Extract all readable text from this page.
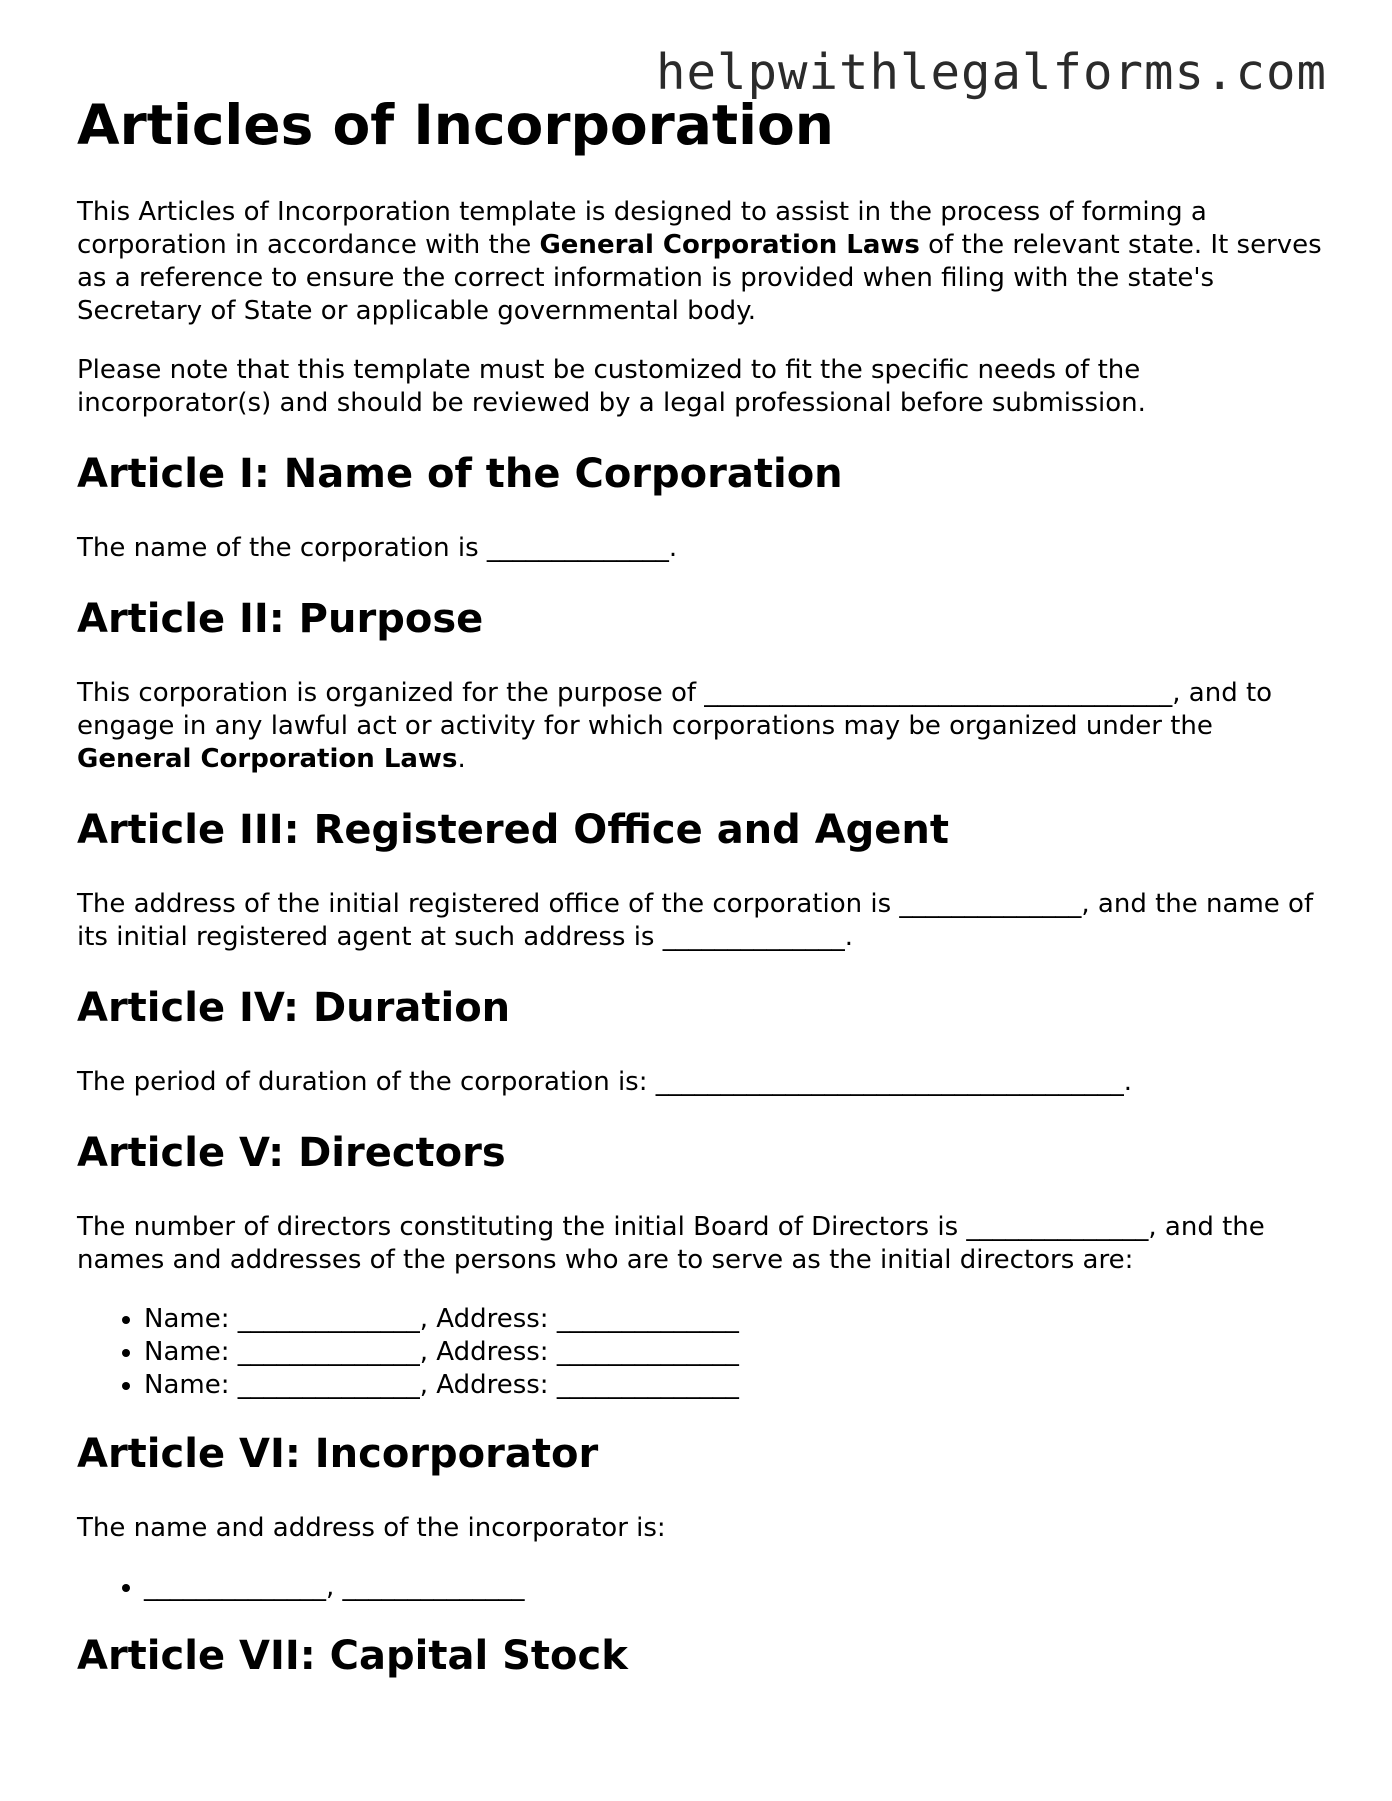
helpwithlegalforms.com
Articles of Incorporation

This Articles of Incorporation template is designed to assist in the process of forming a corporation in accordance with the General Corporation Laws of the relevant state. It serves as a reference to ensure the correct information is provided when filing with the state's Secretary of State or applicable governmental body.

Please note that this template must be customized to fit the specific needs of the incorporator(s) and should be reviewed by a legal professional before submission.

Article I: Name of the Corporation

The name of the corporation is ______________.

Article II: Purpose

This corporation is organized for the purpose of ____________________________________, and to engage in any lawful act or activity for which corporations may be organized under the General Corporation Laws.

Article III: Registered Office and Agent

The address of the initial registered office of the corporation is ______________, and the name of its initial registered agent at such address is ______________.

Article IV: Duration

The period of duration of the corporation is: ____________________________________.

Article V: Directors

The number of directors constituting the initial Board of Directors is ______________, and the names and addresses of the persons who are to serve as the initial directors are:

• Name: ______________, Address: ______________
• Name: ______________, Address: ______________
• Name: ______________, Address: ______________
Article VI: Incorporator

The name and address of the incorporator is:

• ______________, ______________
Article VII: Capital Stock
